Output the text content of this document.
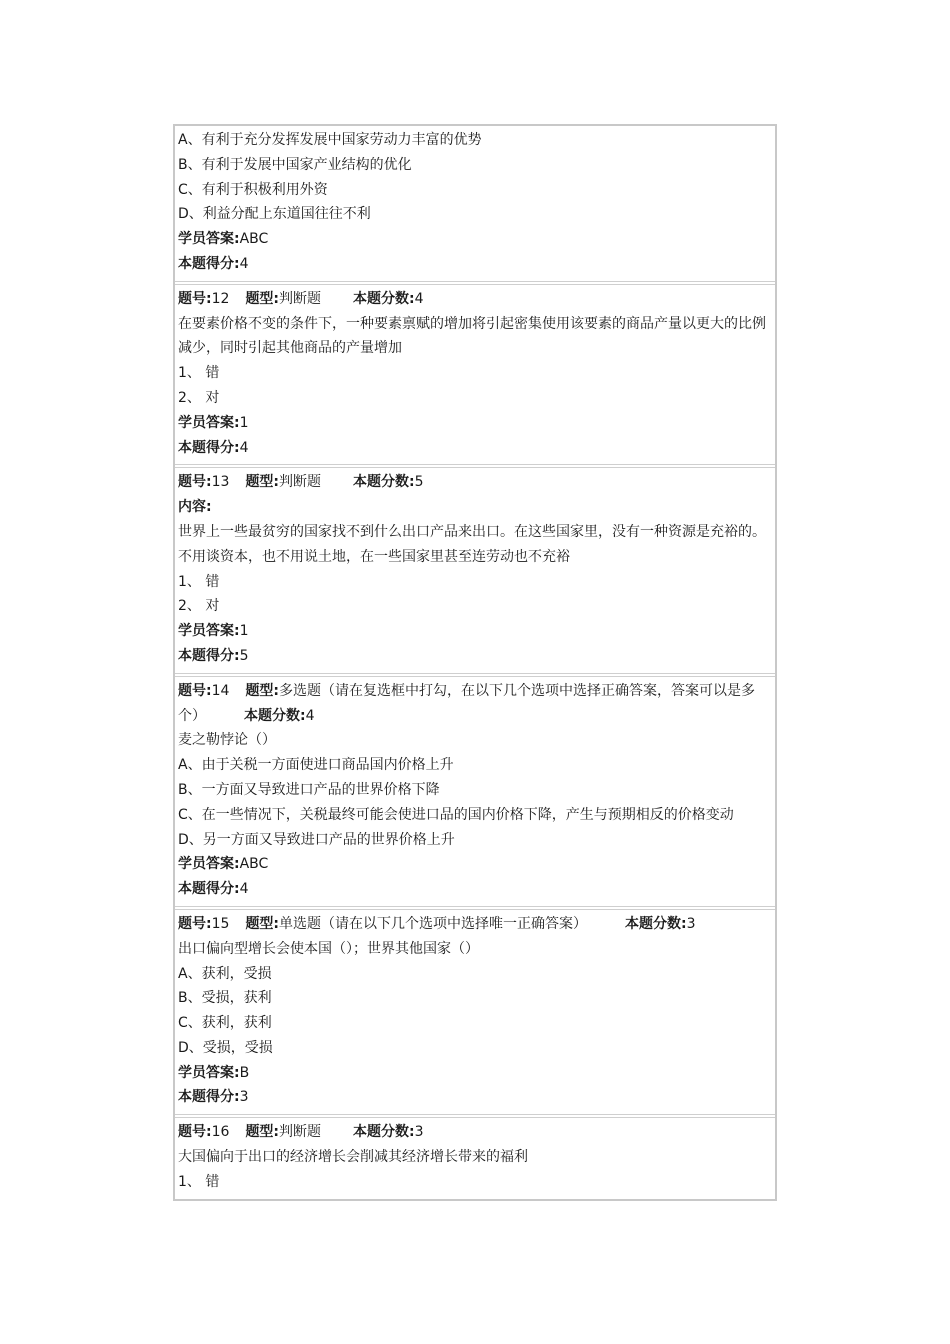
A、有利于充分发挥发展中国家劳动力丰富的优势
B、有利于发展中国家产业结构的优化
C、有利于积极利用外资
D、利益分配上东道国往往不利
学员答案:ABC
本题得分:4
题号:12 题型:判断题 本题分数:4
在要素价格不变的条件下，一种要素禀赋的增加将引起密集使用该要素的商品产量以更大的比例减少，同时引起其他商品的产量增加
1、 错
2、 对
学员答案:1
本题得分:4
题号:13 题型:判断题 本题分数:5
内容:
世界上一些最贫穷的国家找不到什么出口产品来出口。在这些国家里，没有一种资源是充裕的。不用谈资本，也不用说土地，在一些国家里甚至连劳动也不充裕
1、 错
2、 对
学员答案:1
本题得分:5
题号:14 题型:多选题（请在复选框中打勾，在以下几个选项中选择正确答案，答案可以是多个）	本题分数:4
麦之勒悖论（）
A、由于关税一方面使进口商品国内价格上升
B、一方面又导致进口产品的世界价格下降
C、在一些情况下，关税最终可能会使进口品的国内价格下降，产生与预期相反的价格变动
D、另一方面又导致进口产品的世界价格上升
学员答案:ABC
本题得分:4
题号:15 题型:单选题（请在以下几个选项中选择唯一正确答案）	本题分数:3
出口偏向型增长会使本国（）；世界其他国家（）
A、获利，受损
B、受损，获利
C、获利，获利
D、受损，受损
学员答案:B
本题得分:3
题号:16 题型:判断题 本题分数:3
大国偏向于出口的经济增长会削减其经济增长带来的福利
1、 错
